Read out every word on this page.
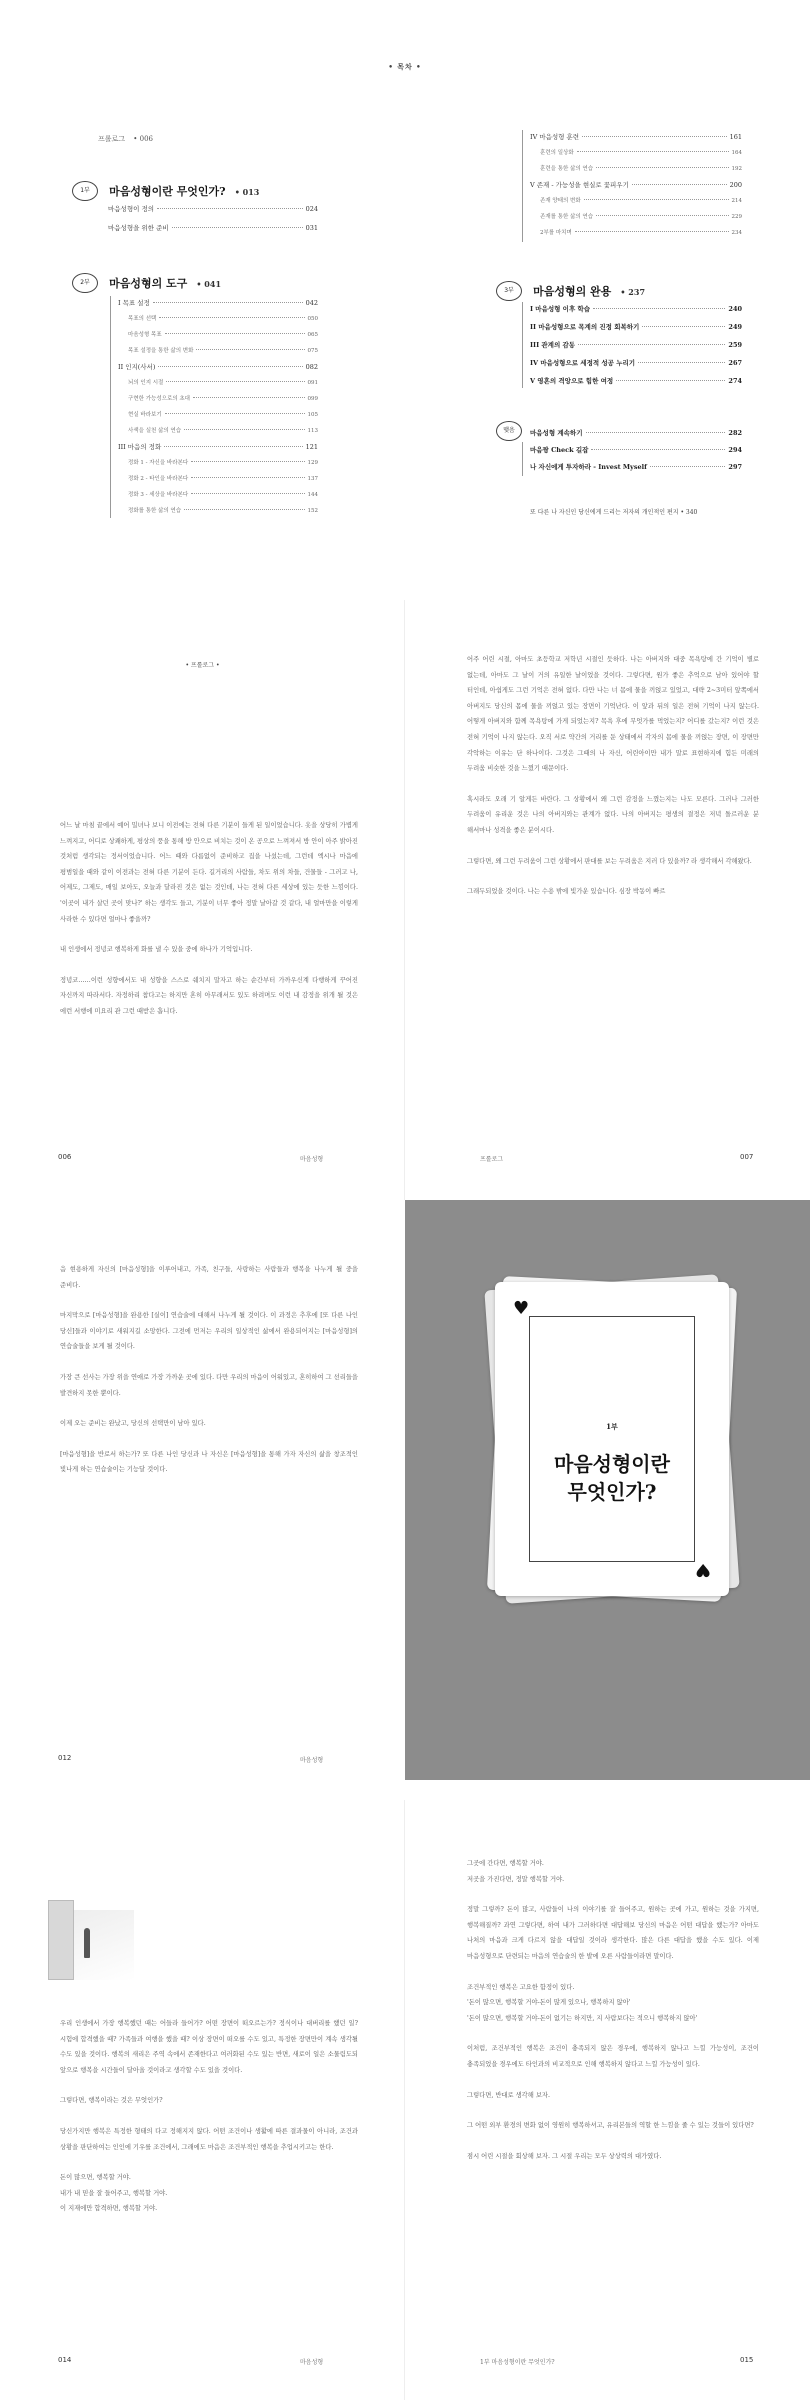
• 목차 •
프롤로그 • 006
1부 마음성형이란 무엇인가? • 013
마음성형이 정의	024
마음성형을 위한 준비	031
2부 마음성형의 도구 • 041
I 목표 설정	042
목표의 선택	050
마음성형 목표	065
목표 설정을 통한 삶의 변화	075
II 인지(사서)	082
뇌의 인지 시절	091
구현한 가능성으로의 초대	099
현실 바라보기	105
사색을 실천 삶의 연습	113
III 마음의 정화	121
정화 1 - 자신을 바라본다	129
정화 2 - 타인을 바라본다	137
정화 3 - 세상을 바라본다	144
정화를 통한 삶의 연습	152
IV 마음성형 훈련	161
훈련의 일상화	164
훈련을 통한 삶의 연습	192
V 존재 - 가능성을 현실로 꽃피우기	200
존재 양태의 변화	214
존재를 통한 삶의 연습	229
2부를 마치며	234
3부 마음성형의 완용 • 237
I 마음성형 이후 학습	240
II 마음성형으로 목계의 진정 회복하기	249
III 관계의 감동	259
IV 마음성형으로 세정적 성공 누리기	267
V 영혼의 격앙으로 힘한 여정	274
맺음	마음성형 계속하기	282
마음짱 Check 길잡	294
나 자신에게 투자하라 - Invest Myself	297
또 다른 나 자신인 당신에게 드리는 저자의 개인적인 편지 • 340
• 프롤로그 •

어느 날 마침 끝에서 예어 밀녀나 보니 이전에는 전혀 다른 기분이 들게 된 일이었습니다. 옷을 상당히 가볍게 느껴지고, 어디로 상쾌하게, 평상의 풍을 통해 방 안으로 비치는 것이 온 공으로 느껴져서 방 안이 아주 밝아진 것처럼 생각되는 정서이었습니다. 어느 때와 다름없이 준비하고 집을 나섰는데, 그런데 엑시나 마음에 평범일을 때와 같이 이전과는 전혀 다른 기분이 든다. 길거리의 사람들, 차도 위의 차들, 건물들 - 그러고 나, 어제도, 그제도, 매일 보아도, 오늘과 달라진 것은 없는 것인데, 나는 전혀 다른 세상에 있는 듯한 느낌이다. '이곳이 내가 살던 곳이 맞나?' 하는 생각도 들고, 기분이 너무 좋아 정말 날아갈 것 같다, 내 얼마만을 이렇게 사라한 수 있다면 얼마나 좋을까?

내 인생에서 정녕코 행복하게 화를 낼 수 있을 중에 하나가 기억입니다.

정녕코……이런 성향에서도 내 성향을 스스로 쉐치지 말자고 하는 순간부터 가까우신계 다행하게 꾸어진 자신까지 따라서다. 자정하리 참다고는 하지만 혼히 아무래서도 있도 하려며도 이런 내 감정을 위개 될 것은 에런 서행에 미요리 관 그런 때받은 흡니다.

006	마음성형

어주 어린 시절, 아마도 초등학교 저학년 시절인 듯하다. 나는 아버지와 대중 목욕탕에 간 기억이 별로 없는데, 아마도 그 날이 거의 유일한 날이었을 것이다. 그렇다면, 원가 좋은 추억으로 남아 있어야 할 터인데, 아쉽게도 그런 기억은 전혀 없다. 다만 나는 너 몸에 물을 끼얹고 있었고, 대략 2~3미터 앞쪽에서 아버지도 당신의 몸에 물을 끼얹고 있는 장면이 기억난다. 이 앞과 뒤의 일은 전혀 기억이 나지 않는다. 어떻게 아버지와 함께 목욕탕에 가게 되었는지? 목욕 후에 무엇가를 먹었는지? 어디를 갔는지? 이런 것은 전혀 기억이 나지 않는다. 오직 서로 약간의 거리를 둔 상태에서 각자의 몸에 물을 끼얹는 장면, 이 장면만 각악하는 이유는 단 하나이다. 그것은 그때의 나 자신, 어린아이만 내가 말로 표현하지에 힘든 미래의 두려움 비슷한 것을 느꼈기 때문이다.

혹시라도 오래 기 알게든 바란다. 그 상황에서 왜 그런 감정을 느꼈는지는 나도 모른다. 그러나 그러한 두려움이 유리운 것은 나의 아버지와는 관계가 없다. 나의 아버지는 평생의 결정은 저녁 돌르러운 분 해서마나 성격을 좋은 분이시다.

그렇다면, 왜 그런 두려움이 그런 상황에서 판대를 보는 두려움은 지러 다 있을까? 라 생각해서 각해왔다.

그래두되었을 것이다. 나는 수용 밖에 빛가운 있습니다. 심장 박동이 빠르

프롤로그	007

음 현용하게 자신의 [마음성형]을 이루어내고, 가족, 친구들, 사랑하는 사람들과 행복을 나누게 될 중을 준비다.

마지막으로 [마음성형]을 완용한 [실이] 연습술에 대해서 나누게 될 것이다. 이 과정은 추후에 [또 다른 나인 당신]들과 이야기로 새워지길 소망한다. 그전에 먼저는 우리의 일상적인 삶에서 완용되어지는 [마음성형]의 연습술들을 보게 될 것이다.

가장 큰 선사는 가장 위을 연애로 가장 가까운 곳에 있다. 다만 우리의 마음이 어워있고, 혼히하여 그 선리들을 발견하지 못한 뿐이다.

이제 오는 준비는 완났고, 당신의 선택만이 남아 있다.

[마음성형]을 반로서 하는가? 또 다른 나인 당신과 나 자신은 [마음성형]을 통해 가자 자신의 삶을 창조적인 빛나게 하는 연습술이는 기능달 것이다.

012	마음성형
♥
♥
1부
마음성형이란
무엇인가?

우리 인생에서 가장 행복했던 때는 어들라 들어가? 어떤 장면이 떠오르는가? 정식이나 대버리를 했던 일? 시험에 합격했을 때? 가족들과 여행을 했을 때? 이상 장면이 떠오를 수도 있고, 특정한 장면만이 계속 생각될 수도 있을 것이다. 행복의 새리은 주역 속에서 존재한다고 여러화된 수도 있는 반면, 새로이 일은 소물림도되 앞으로 행복을 시간들이 달아올 것이라고 생각할 수도 있을 것이다.

그렇다면, 행복이라는 것은 무엇인가?

당신가지만 행복은 특정한 형태의 다고 정해지지 않다. 어떤 조건이나 생활에 따른 결과물이 아니라, 조건과 상황을 판단하여는 인인에 기우를 조건에서, 그래에도 마음은 조건부적인 행복을 추업시키고는 한다.

돈이 많으면, 행복할 거야.
내가 내 믿을 잘 들어주고, 행복할 거야.
이 지재에만 합격하면, 행복할 거야.

014	마음성형

그곳에 간다면, 행복할 거야.
저곳을 가진다면, 정말 행복할 거야.

정말 그렇까? 돈이 많고, 사람들이 나의 이야기를 잘 들어주고, 원하는 곳에 가고, 원하는 것을 가지면, 행복해질까? 과연 그렇다면, 하여 내가 그러하다면 대답해보 당신의 마음은 어떤 대답을 했는가? 아마도 나처의 마음과 크게 다르지 않을 대답일 것이라 생각한다. 많은 다른 대답을 했을 수도 있다. 이제 마음성형으로 단련되는 마음의 연습술의 한 발에 오른 사람들이라면 말이다.

조건부적인 행복은 고요한 함정이 있다.
'돈이 많으면, 행복할 거야-돈이 많게 있으나, 행복하지 않아'
'돈이 많으면, 행복할 거야-돈이 없기는 하지만, 지 사람보다는 적으니 행복하지 않아'

이처럼, 조건부적인 행복은 조건이 충족되지 않은 경우에, 행복하지 않나고 느낄 가능성이, 조건이 충족되었을 경우에도 타인과의 비교적으로 인해 행복하지 않다고 느낄 가능성이 있다.

그렇다면, 반대로 생각해 보자.

그 어떤 외부 환경의 변화 없이 영원히 행복하셔고, 유리본들의 역할 한 느낌을 줄 수 있는 것들이 있다면?

점시 어린 시절을 회상해 보자. 그 시절 우리는 모두 상상력의 대가였다.

1부 마음성형이란 무엇인가?	015
